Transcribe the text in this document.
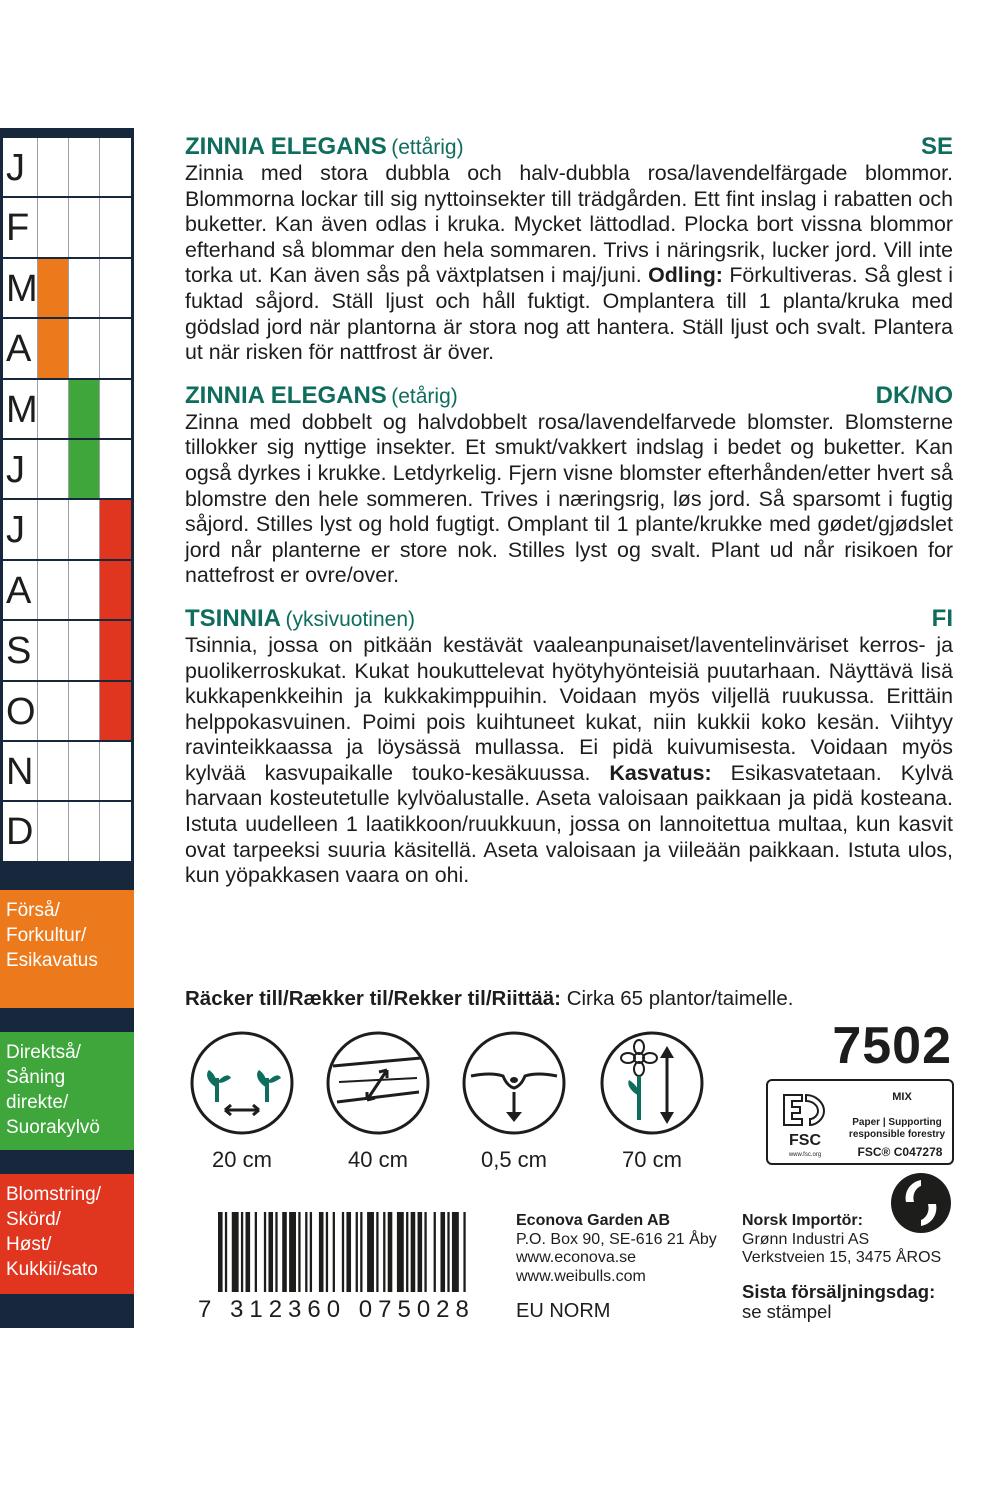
J
F
M
A
M
J
J
A
S
O
N
D
Förså/
Forkultur/
Esikavatus
Direktså/
Såning
direkte/
Suorakylvö
Blomstring/
Skörd/
Høst/
Kukkii/sato
ZINNIA ELEGANS (ettårig)	SE
Zinnia med stora dubbla och halv-dubbla rosa/lavendelfärgade blommor. Blommorna lockar till sig nyttoinsekter till trädgården. Ett fint inslag i rabatten och buketter. Kan även odlas i kruka. Mycket lättodlad. Plocka bort vissna blommor efterhand så blommar den hela sommaren. Trivs i näringsrik, lucker jord. Vill inte torka ut. Kan även sås på växtplatsen i maj/juni. Odling: Förkultiveras. Så glest i fuktad såjord. Ställ ljust och håll fuktigt. Omplantera till 1 planta/kruka med gödslad jord när plantorna är stora nog att hantera. Ställ ljust och svalt. Plantera ut när risken för nattfrost är över.
ZINNIA ELEGANS (etårig)	DK/NO
Zinna med dobbelt og halvdobbelt rosa/lavendelfarvede blomster. Blomsterne tillokker sig nyttige insekter. Et smukt/vakkert indslag i bedet og buketter. Kan også dyrkes i krukke. Letdyrkelig. Fjern visne blomster efterhånden/etter hvert så blomstre den hele sommeren. Trives i næringsrig, løs jord. Så sparsomt i fugtig såjord. Stilles lyst og hold fugtigt. Omplant til 1 plante/krukke med gødet/gjødslet jord når planterne er store nok. Stilles lyst og svalt. Plant ud når risikoen for nattefrost er ovre/over.
TSINNIA (yksivuotinen)	FI
Tsinnia, jossa on pitkään kestävät vaaleanpunaiset/laventelinväriset kerros- ja puolikerroskukat. Kukat houkuttelevat hyötyhyönteisiä puutarhaan. Näyttävä lisä kukkapenkkeihin ja kukkakimppuihin. Voidaan myös viljellä ruukussa. Erittäin helppokasvuinen. Poimi pois kuihtuneet kukat, niin kukkii koko kesän. Viihtyy ravinteikkaassa ja löysässä mullassa. Ei pidä kuivumisesta. Voidaan myös kylvää kasvupaikalle touko-kesäkuussa. Kasvatus: Esikasvatetaan. Kylvä harvaan kosteutetulle kylvöalustalle. Aseta valoisaan paikkaan ja pidä kosteana. Istuta uudelleen 1 laatikkoon/ruukkuun, jossa on lannoitettua multaa, kun kasvit ovat tarpeeksi suuria käsitellä. Aseta valoisaan ja viileään paikkaan. Istuta ulos, kun yöpakkasen vaara on ohi.
Räcker till/Rækker til/Rekker til/Riittää: Cirka 65 plantor/taimelle.
20 cm	40 cm	0,5 cm	70 cm
7502
FSC
www.fsc.org
MIX
Paper | Supporting responsible forestry
FSC® C047278
7 312360 075028
Econova Garden AB
P.O. Box 90, SE-616 21 Åby
www.econova.se
www.weibulls.com
Norsk Importör:
Grønn Industri AS
Verkstveien 15, 3475 ÅROS
EU NORM
Sista försäljningsdag:
se stämpel
